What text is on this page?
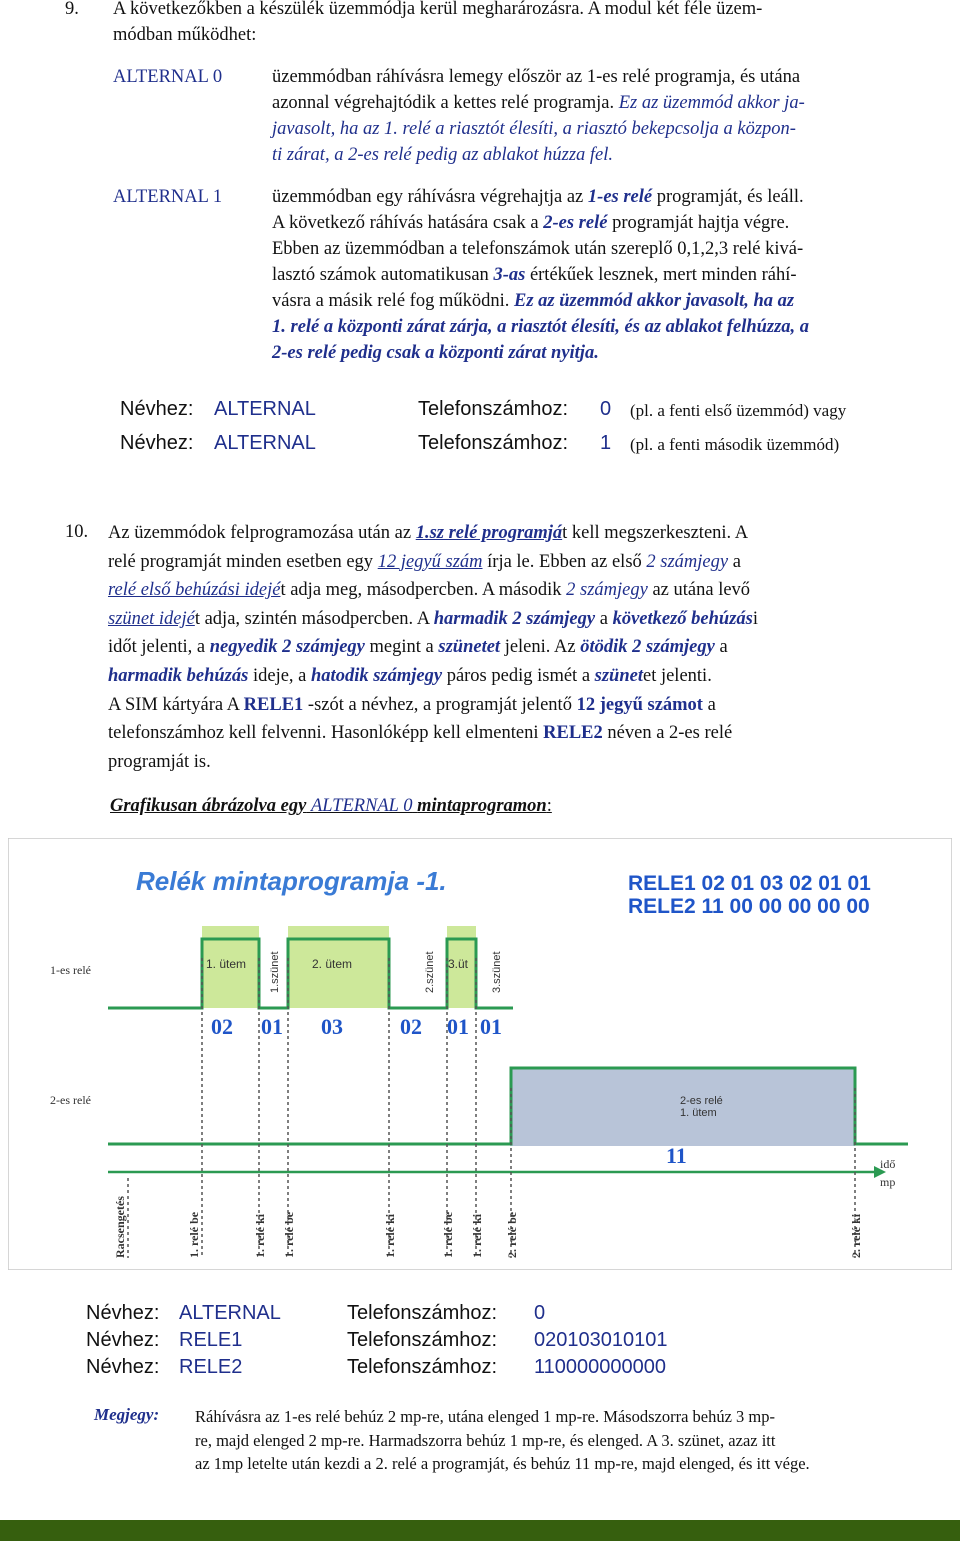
9. A következőkben a készülék üzemmódja kerül megharározásra. A modul két féle üzem-

módban működhet:

ALTERNAL 0	üzemmódban ráhívásra lemegy először az 1-es relé programja, és utána

azonnal végrehajtódik a kettes relé programja. Ez az üzemmód akkor ja-

javasolt, ha az 1. relé a riasztót élesíti, a riasztó bekepcsolja a közpon-

ti zárat, a 2-es relé pedig az ablakot húzza fel.

ALTERNAL 1	üzemmódban egy ráhívásra végrehajtja az 1-es relé programját, és leáll.

A következő ráhívás hatására csak a 2-es relé programját hajtja végre.

Ebben az üzemmódban a telefonszámok után szereplő 0,1,2,3 relé kivá-

lasztó számok automatikusan 3-as értékűek lesznek, mert minden ráhí-

vásra a másik relé fog működni. Ez az üzemmód akkor javasolt, ha az

1. relé a központi zárat zárja, a riasztót élesíti, és az ablakot felhúzza, a

2-es relé pedig csak a központi zárat nyitja.

Névhez: ALTERNAL	Telefonszámhoz: 0 (pl. a fenti első üzemmód) vagy
Névhez: ALTERNAL	Telefonszámhoz: 1 (pl. a fenti második üzemmód)
10. Az üzemmódok felprogramozása után az 1.sz relé programját kell megszerkeszteni. A

relé programját minden esetben egy 12 jegyű szám írja le. Ebben az első 2 számjegy a

relé első behúzási idejét adja meg, másodpercben. A második 2 számjegy az utána levő

szünet idejét adja, szintén másodpercben. A harmadik 2 számjegy a következő behúzási

időt jelenti, a negyedik 2 számjegy megint a szünetet jeleni. Az ötödik 2 számjegy a

harmadik behúzás ideje, a hatodik számjegy páros pedig ismét a szünetet jelenti.

A SIM kártyára A RELE1 -szót a névhez, a programját jelentő 12 jegyű számot a

telefonszámhoz kell felvenni. Hasonlóképp kell elmenteni RELE2 néven a 2-es relé

programját is.

Grafikusan ábrázolva egy ALTERNAL 0 mintaprogramon:
Relék mintaprogramja -1.	RELE1 02 01 03 02 01 01
RELE2 11 00 00 00 00 00
1. ütem	2. ütem	3.üt
1.szünet	2.szünet	3.szünet
1-es relé
2-es relé
02 01 03	02 01 01
2-es relé
1. ütem
11	idő
mp
Racsengetés	1. relé be	1. relé ki 1. relé be	1. relé ki	1. relé be 1. relé ki 2. relé be	2. relé ki
Névhez: ALTERNAL	Telefonszámhoz: 0
Névhez: RELE1	Telefonszámhoz: 020103010101
Névhez: RELE2	Telefonszámhoz: 110000000000
Megjegy: Ráhívásra az 1-es relé behúz 2 mp-re, utána elenged 1 mp-re. Másodszorra behúz 3 mp-

re, majd elenged 2 mp-re. Harmadszorra behúz 1 mp-re, és elenged. A 3. szünet, azaz itt

az 1mp letelte után kezdi a 2. relé a programját, és behúz 11 mp-re, majd elenged, és itt vége.
